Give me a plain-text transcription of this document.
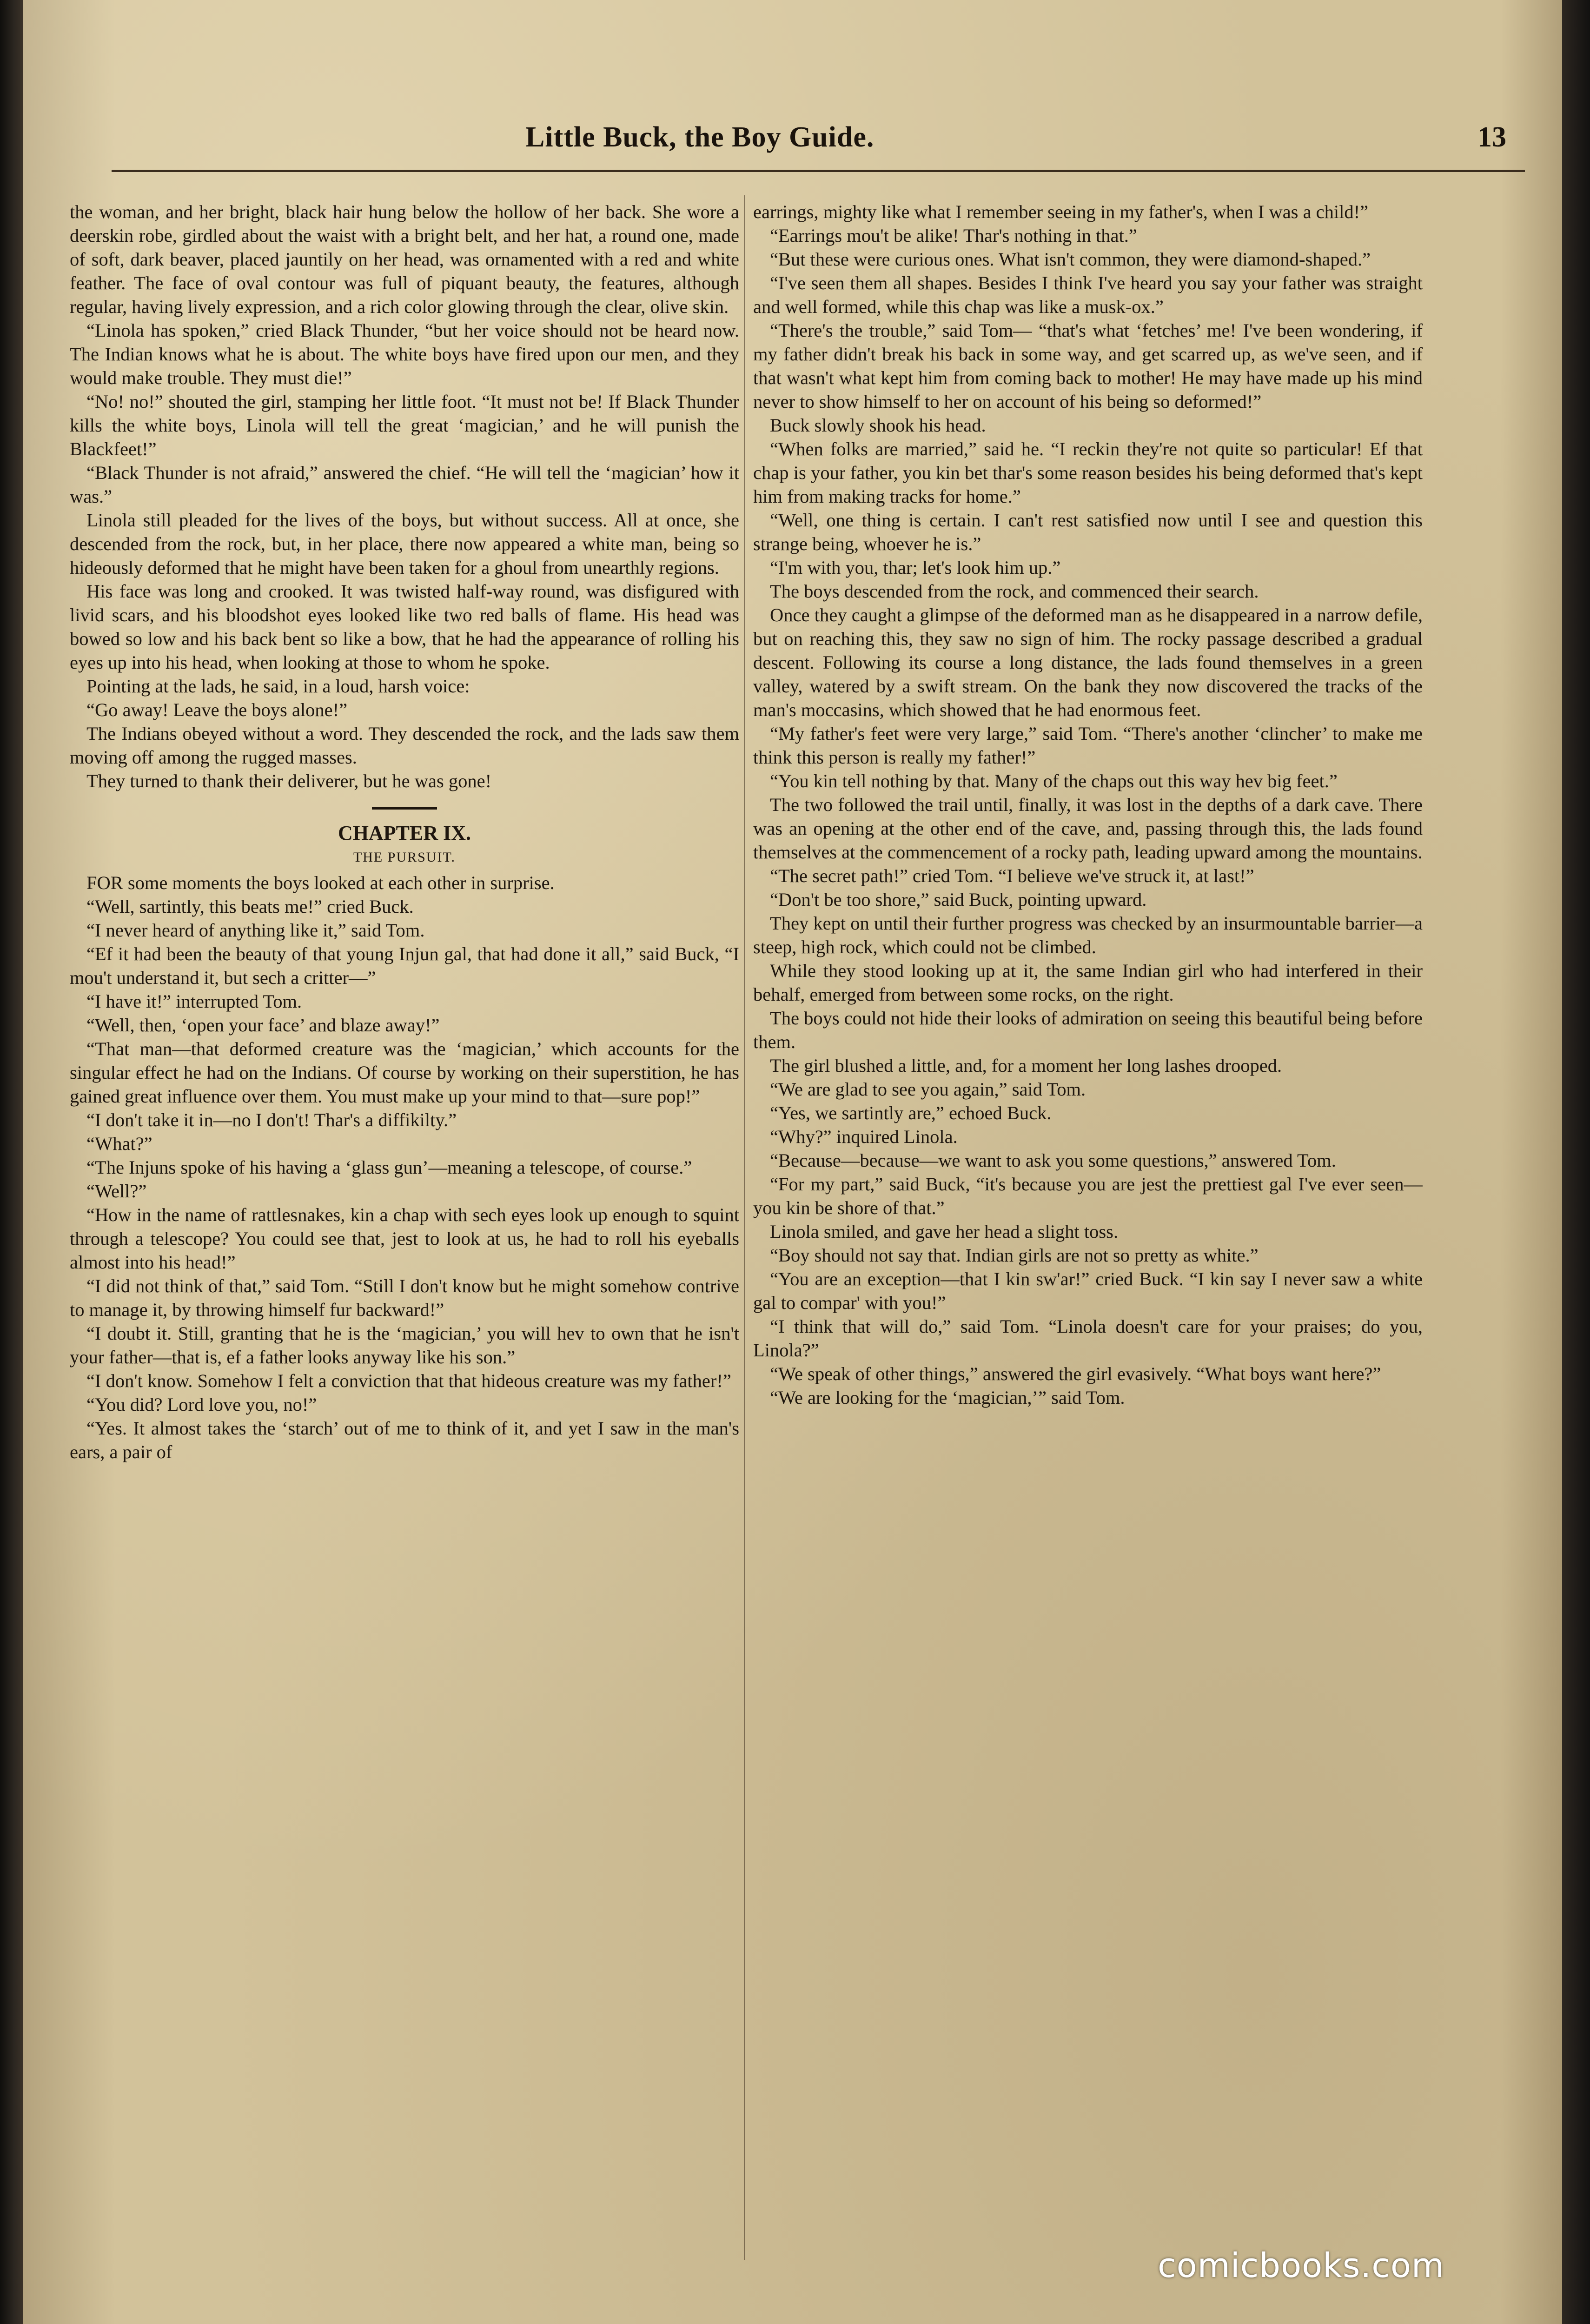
Little Buck, the Boy Guide.	13

the woman, and her bright, black hair hung below the hollow of her back. She wore a deerskin robe, girdled about the waist with a bright belt, and her hat, a round one, made of soft, dark beaver, placed jauntily on her head, was ornamented with a red and white feather. The face of oval contour was full of piquant beauty, the features, although regular, having lively expression, and a rich color glowing through the clear, olive skin.

“Linola has spoken,” cried Black Thunder, “but her voice should not be heard now. The Indian knows what he is about. The white boys have fired upon our men, and they would make trouble. They must die!”

“No! no!” shouted the girl, stamping her little foot. “It must not be! If Black Thunder kills the white boys, Linola will tell the great ‘magician,’ and he will punish the Blackfeet!”

“Black Thunder is not afraid,” answered the chief. “He will tell the ‘magician’ how it was.”

Linola still pleaded for the lives of the boys, but without success. All at once, she descended from the rock, but, in her place, there now appeared a white man, being so hideously deformed that he might have been taken for a ghoul from unearthly regions.

His face was long and crooked. It was twisted half-way round, was disfigured with livid scars, and his bloodshot eyes looked like two red balls of flame. His head was bowed so low and his back bent so like a bow, that he had the appearance of rolling his eyes up into his head, when looking at those to whom he spoke.

Pointing at the lads, he said, in a loud, harsh voice:

“Go away! Leave the boys alone!”

The Indians obeyed without a word. They descended the rock, and the lads saw them moving off among the rugged masses.

They turned to thank their deliverer, but he was gone!

CHAPTER IX.

THE PURSUIT.

FOR some moments the boys looked at each other in surprise.

“Well, sartintly, this beats me!” cried Buck.

“I never heard of anything like it,” said Tom.

“Ef it had been the beauty of that young Injun gal, that had done it all,” said Buck, “I mou't understand it, but sech a critter—”

“I have it!” interrupted Tom.

“Well, then, ‘open your face’ and blaze away!”

“That man—that deformed creature was the ‘magician,’ which accounts for the singular effect he had on the Indians. Of course by working on their superstition, he has gained great influence over them. You must make up your mind to that—sure pop!”

“I don't take it in—no I don't! Thar's a diffikilty.”

“What?”

“The Injuns spoke of his having a ‘glass gun’—meaning a telescope, of course.”

“Well?”

“How in the name of rattlesnakes, kin a chap with sech eyes look up enough to squint through a telescope? You could see that, jest to look at us, he had to roll his eyeballs almost into his head!”

“I did not think of that,” said Tom. “Still I don't know but he might somehow contrive to manage it, by throwing himself fur backward!”

“I doubt it. Still, granting that he is the ‘magician,’ you will hev to own that he isn't your father—that is, ef a father looks anyway like his son.”

“I don't know. Somehow I felt a conviction that that hideous creature was my father!”

“You did? Lord love you, no!”

“Yes. It almost takes the ‘starch’ out of me to think of it, and yet I saw in the man's ears, a pair of

earrings, mighty like what I remember seeing in my father's, when I was a child!”

“Earrings mou't be alike! Thar's nothing in that.”

“But these were curious ones. What isn't common, they were diamond-shaped.”

“I've seen them all shapes. Besides I think I've heard you say your father was straight and well formed, while this chap was like a musk-ox.”

“There's the trouble,” said Tom— “that's what ‘fetches’ me! I've been wondering, if my father didn't break his back in some way, and get scarred up, as we've seen, and if that wasn't what kept him from coming back to mother! He may have made up his mind never to show himself to her on account of his being so deformed!”

Buck slowly shook his head.

“When folks are married,” said he. “I reckin they're not quite so particular! Ef that chap is your father, you kin bet thar's some reason besides his being deformed that's kept him from making tracks for home.”

“Well, one thing is certain. I can't rest satisfied now until I see and question this strange being, whoever he is.”

“I'm with you, thar; let's look him up.”

The boys descended from the rock, and commenced their search.

Once they caught a glimpse of the deformed man as he disappeared in a narrow defile, but on reaching this, they saw no sign of him. The rocky passage described a gradual descent. Following its course a long distance, the lads found themselves in a green valley, watered by a swift stream. On the bank they now discovered the tracks of the man's moccasins, which showed that he had enormous feet.

“My father's feet were very large,” said Tom. “There's another ‘clincher’ to make me think this person is really my father!”

“You kin tell nothing by that. Many of the chaps out this way hev big feet.”

The two followed the trail until, finally, it was lost in the depths of a dark cave. There was an opening at the other end of the cave, and, passing through this, the lads found themselves at the commencement of a rocky path, leading upward among the mountains.

“The secret path!” cried Tom. “I believe we've struck it, at last!”

“Don't be too shore,” said Buck, pointing upward.

They kept on until their further progress was checked by an insurmountable barrier—a steep, high rock, which could not be climbed.

While they stood looking up at it, the same Indian girl who had interfered in their behalf, emerged from between some rocks, on the right.

The boys could not hide their looks of admiration on seeing this beautiful being before them.

The girl blushed a little, and, for a moment her long lashes drooped.

“We are glad to see you again,” said Tom.

“Yes, we sartintly are,” echoed Buck.

“Why?” inquired Linola.

“Because—because—we want to ask you some questions,” answered Tom.

“For my part,” said Buck, “it's because you are jest the prettiest gal I've ever seen—you kin be shore of that.”

Linola smiled, and gave her head a slight toss.

“Boy should not say that. Indian girls are not so pretty as white.”

“You are an exception—that I kin sw'ar!” cried Buck. “I kin say I never saw a white gal to compar' with you!”

“I think that will do,” said Tom. “Linola doesn't care for your praises; do you, Linola?”

“We speak of other things,” answered the girl evasively. “What boys want here?”

“We are looking for the ‘magician,’” said Tom.

comicbooks.com
